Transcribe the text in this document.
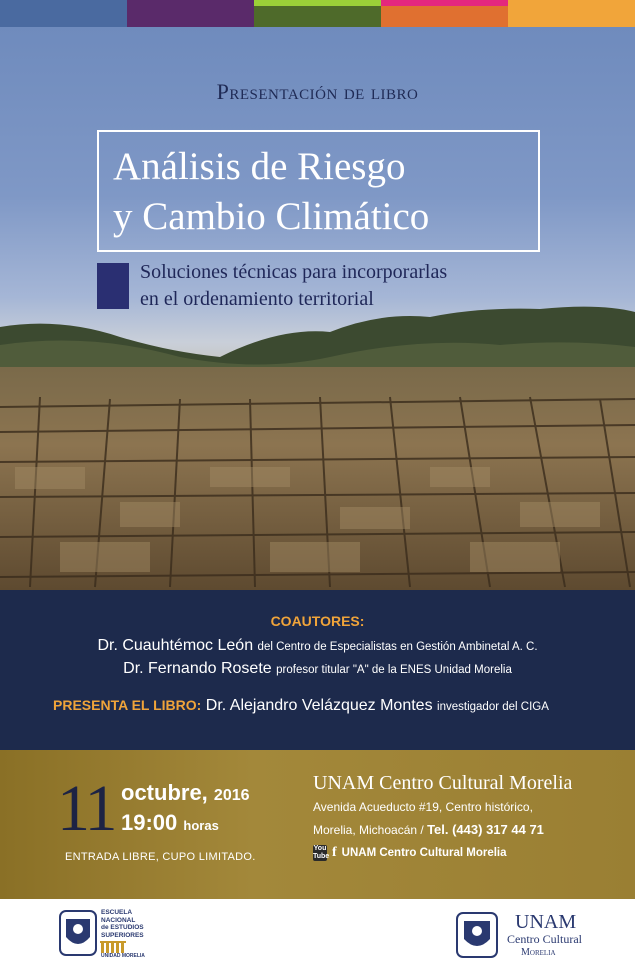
Presentación de libro
Análisis de Riesgo
y Cambio Climático
Soluciones técnicas para incorporarlas
en el ordenamiento territorial
COAUTORES:
Dr. Cuauhtémoc León del Centro de Especialistas en Gestión Ambinetal A. C.
Dr. Fernando Rosete profesor titular "A" de la ENES Unidad Morelia
PRESENTA EL LIBRO: Dr. Alejandro Velázquez Montes investigador del CIGA
11 octubre, 2016
19:00 horas
ENTRADA LIBRE, CUPO LIMITADO.
UNAM Centro Cultural Morelia
Avenida Acueducto #19, Centro histórico,
Morelia, Michoacán / Tel. (443) 317 44 71
You Tube f UNAM Centro Cultural Morelia
ESCUELA
NACIONAL
de ESTUDIOS
SUPERIORES
UNIDAD MORELIA
UNAM
Centro Cultural
Morelia
